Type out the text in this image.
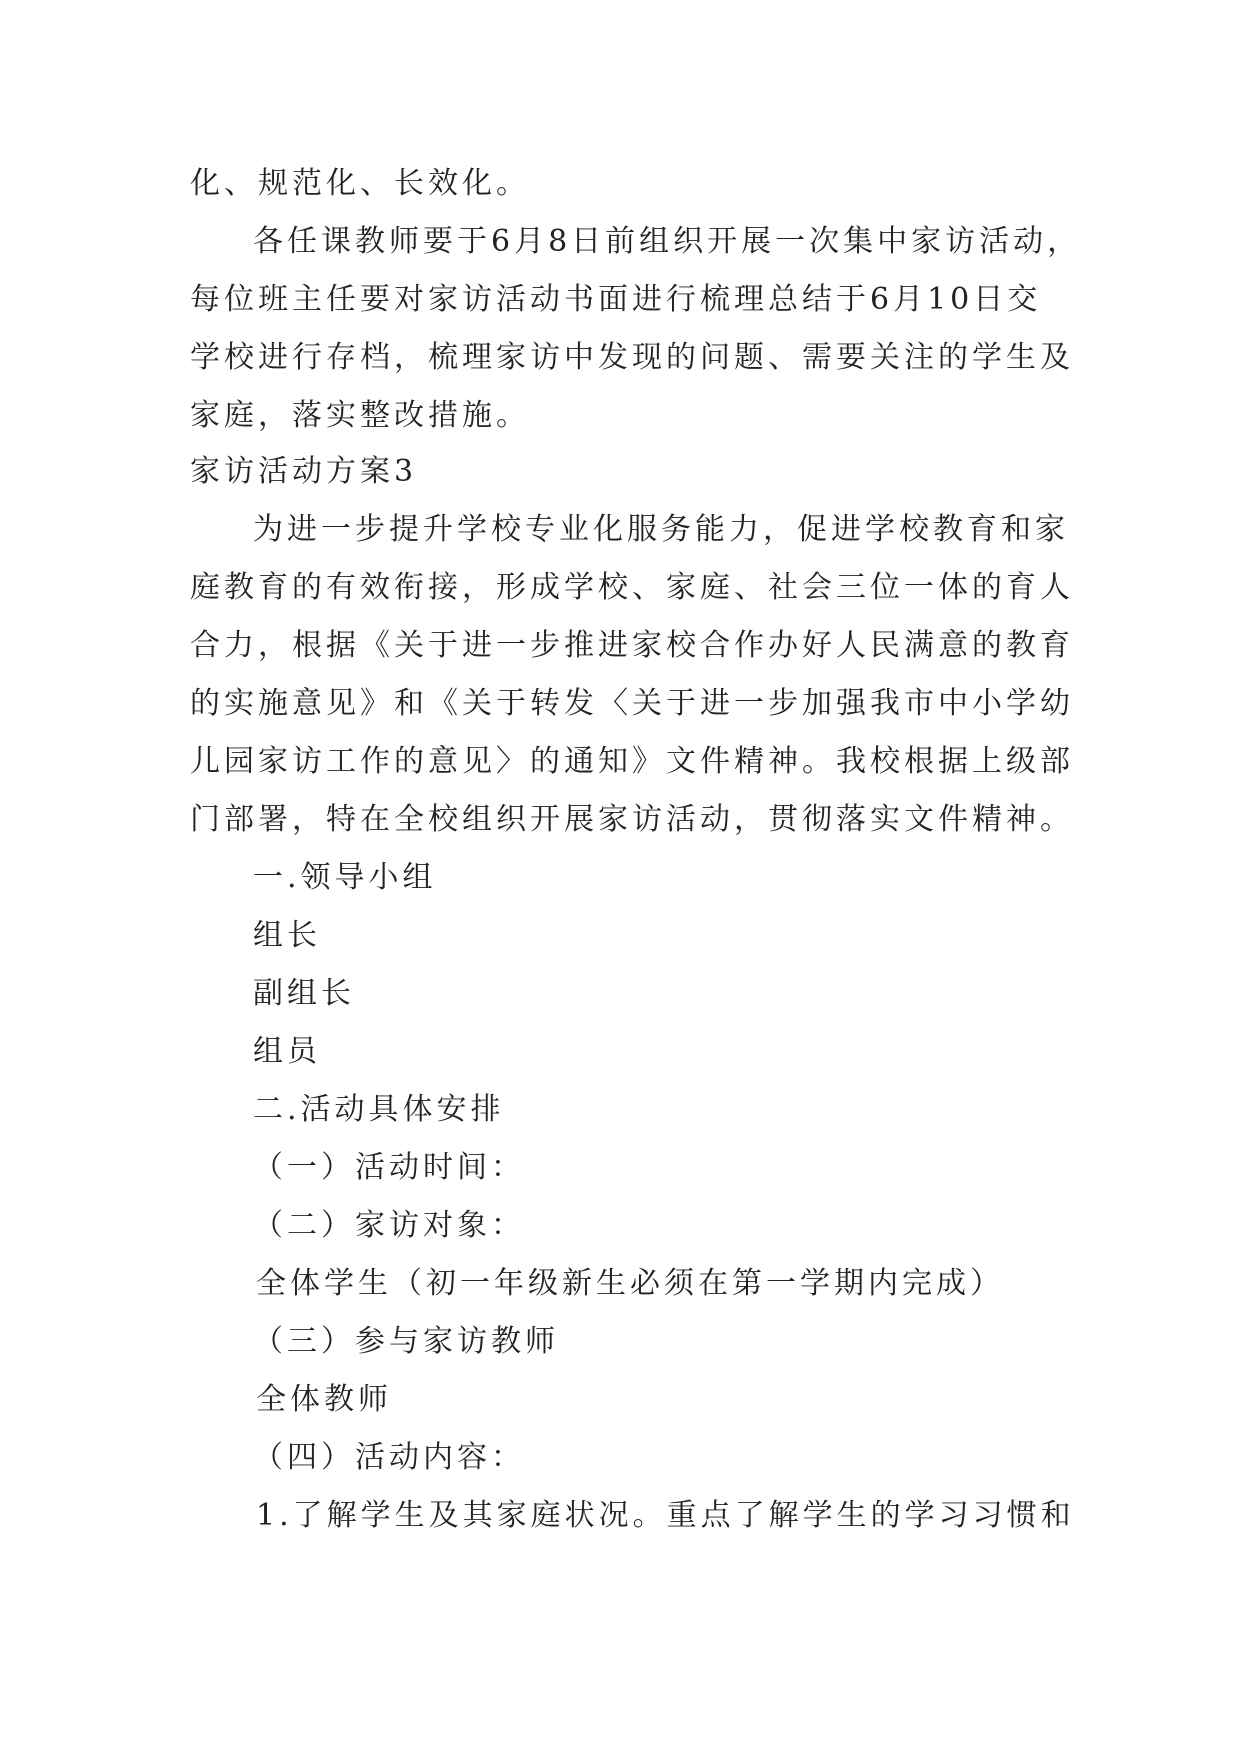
化、规范化、长效化。
各任课教师要于6月8日前组织开展一次集中家访活动，
每位班主任要对家访活动书面进行梳理总结于6月10日交
学校进行存档，梳理家访中发现的问题、需要关注的学生及
家庭，落实整改措施。
家访活动方案3
为进一步提升学校专业化服务能力，促进学校教育和家
庭教育的有效衔接，形成学校、家庭、社会三位一体的育人
合力，根据《关于进一步推进家校合作办好人民满意的教育
的实施意见》和《关于转发〈关于进一步加强我市中小学幼
儿园家访工作的意见〉的通知》文件精神。我校根据上级部
门部署，特在全校组织开展家访活动，贯彻落实文件精神。
一.领导小组
组长
副组长
组员
二.活动具体安排
（一）活动时间：
（二）家访对象：
全体学生（初一年级新生必须在第一学期内完成）
（三）参与家访教师
全体教师
（四）活动内容：
1.了解学生及其家庭状况。重点了解学生的学习习惯和
